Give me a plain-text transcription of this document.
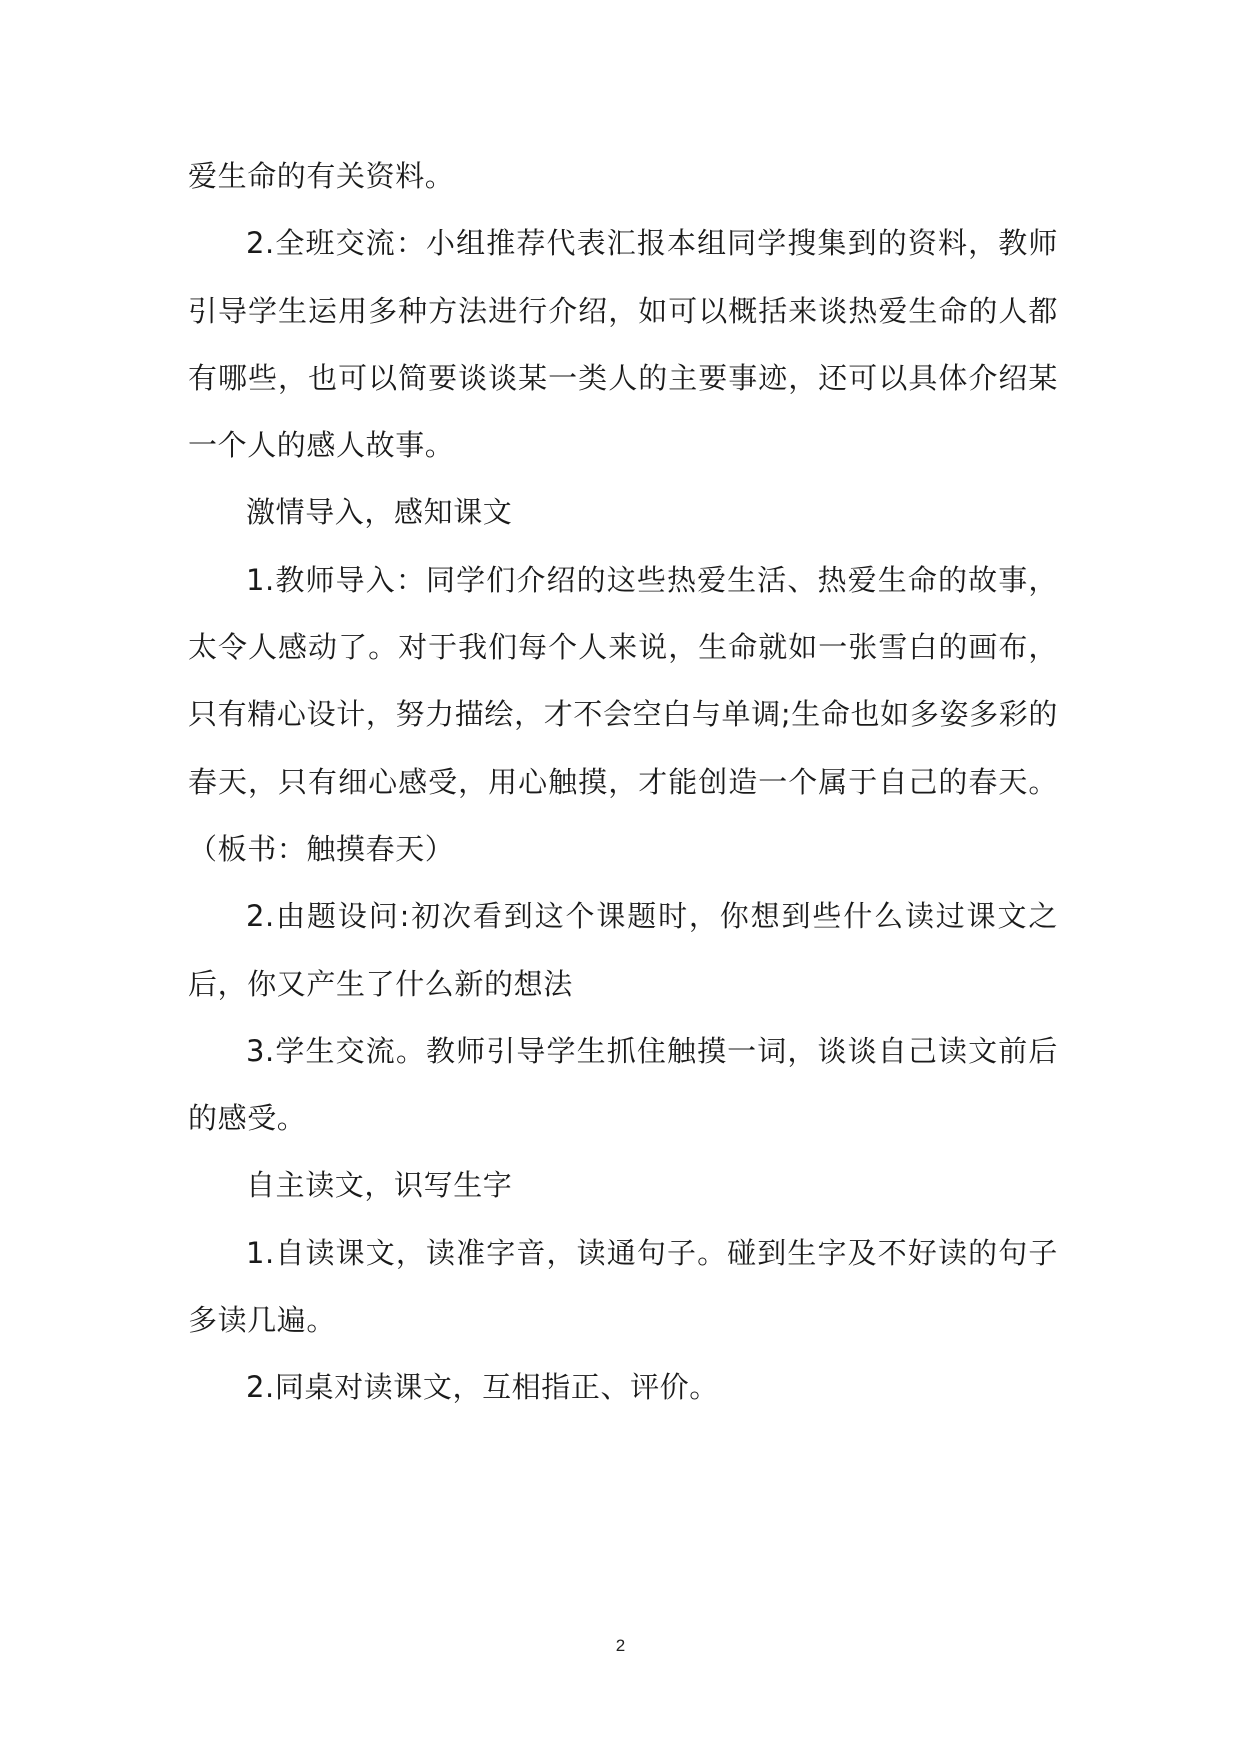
爱生命的有关资料。

2.全班交流：小组推荐代表汇报本组同学搜集到的资料，教师引导学生运用多种方法进行介绍，如可以概括来谈热爱生命的人都有哪些，也可以简要谈谈某一类人的主要事迹，还可以具体介绍某一个人的感人故事。

激情导入，感知课文

1.教师导入：同学们介绍的这些热爱生活、热爱生命的故事，太令人感动了。对于我们每个人来说，生命就如一张雪白的画布，只有精心设计，努力描绘，才不会空白与单调;生命也如多姿多彩的春天，只有细心感受，用心触摸，才能创造一个属于自己的春天。（板书：触摸春天）

2.由题设问:初次看到这个课题时，你想到些什么读过课文之后，你又产生了什么新的想法

3.学生交流。教师引导学生抓住触摸一词，谈谈自己读文前后的感受。

自主读文，识写生字

1.自读课文，读准字音，读通句子。碰到生字及不好读的句子多读几遍。

2.同桌对读课文，互相指正、评价。

2
